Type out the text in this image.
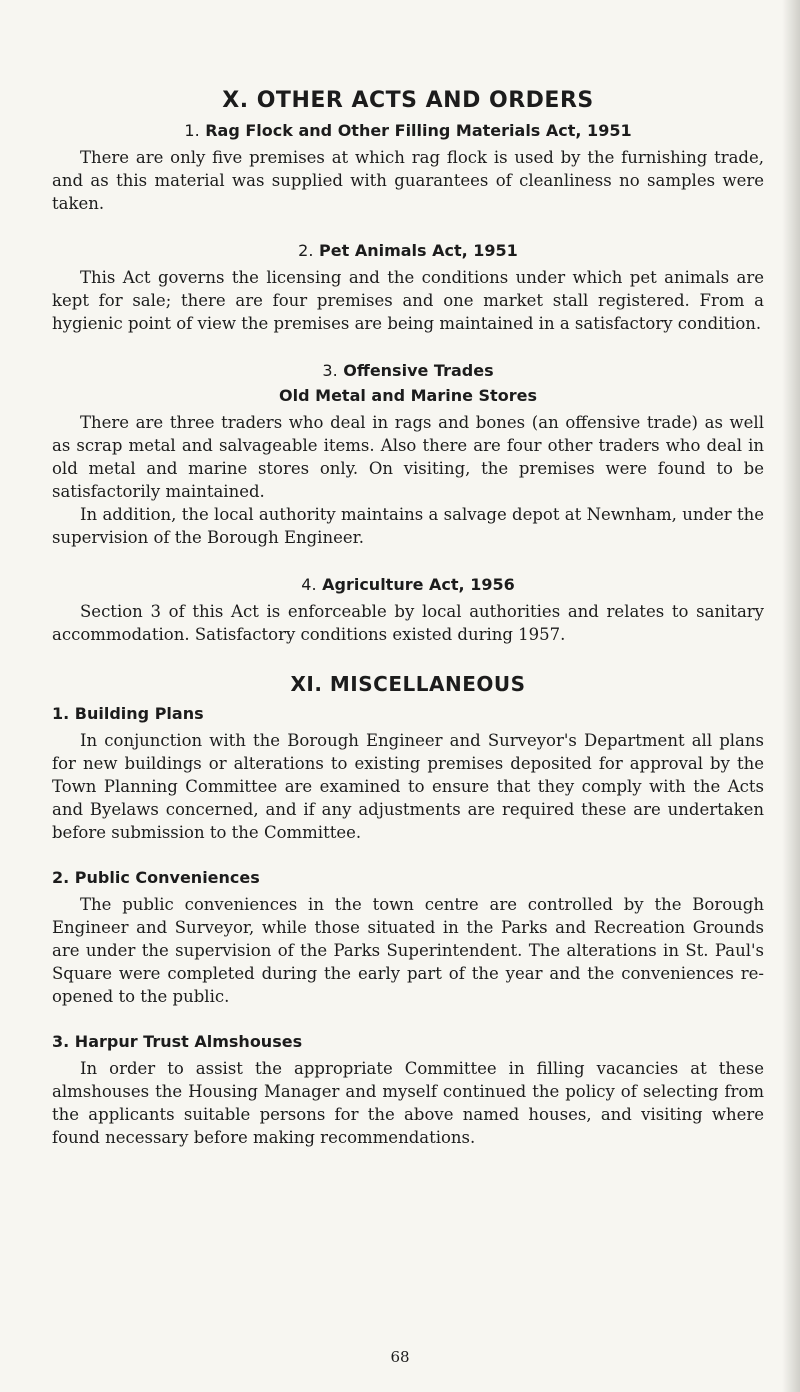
X. OTHER ACTS AND ORDERS
1. Rag Flock and Other Filling Materials Act, 1951

There are only five premises at which rag flock is used by the furnishing trade, and as this material was supplied with guarantees of cleanliness no samples were taken.

2. Pet Animals Act, 1951

This Act governs the licensing and the conditions under which pet animals are kept for sale; there are four premises and one market stall registered. From a hygienic point of view the premises are being maintained in a satisfactory condition.

3. Offensive Trades
Old Metal and Marine Stores

There are three traders who deal in rags and bones (an offensive trade) as well as scrap metal and salvageable items. Also there are four other traders who deal in old metal and marine stores only. On visiting, the premises were found to be satisfactorily maintained.

In addition, the local authority maintains a salvage depot at Newnham, under the supervision of the Borough Engineer.

4. Agriculture Act, 1956

Section 3 of this Act is enforceable by local authorities and relates to sanitary accommodation. Satisfactory conditions existed during 1957.

XI. MISCELLANEOUS
1. Building Plans

In conjunction with the Borough Engineer and Surveyor's Department all plans for new buildings or alterations to existing premises deposited for approval by the Town Planning Committee are examined to ensure that they comply with the Acts and Byelaws concerned, and if any adjustments are required these are undertaken before submission to the Committee.

2. Public Conveniences

The public conveniences in the town centre are controlled by the Borough Engineer and Surveyor, while those situated in the Parks and Recreation Grounds are under the supervision of the Parks Superintendent. The alterations in St. Paul's Square were completed during the early part of the year and the conveniences re-opened to the public.

3. Harpur Trust Almshouses

In order to assist the appropriate Committee in filling vacancies at these almshouses the Housing Manager and myself continued the policy of selecting from the applicants suitable persons for the above named houses, and visiting where found necessary before making recommendations.

68
